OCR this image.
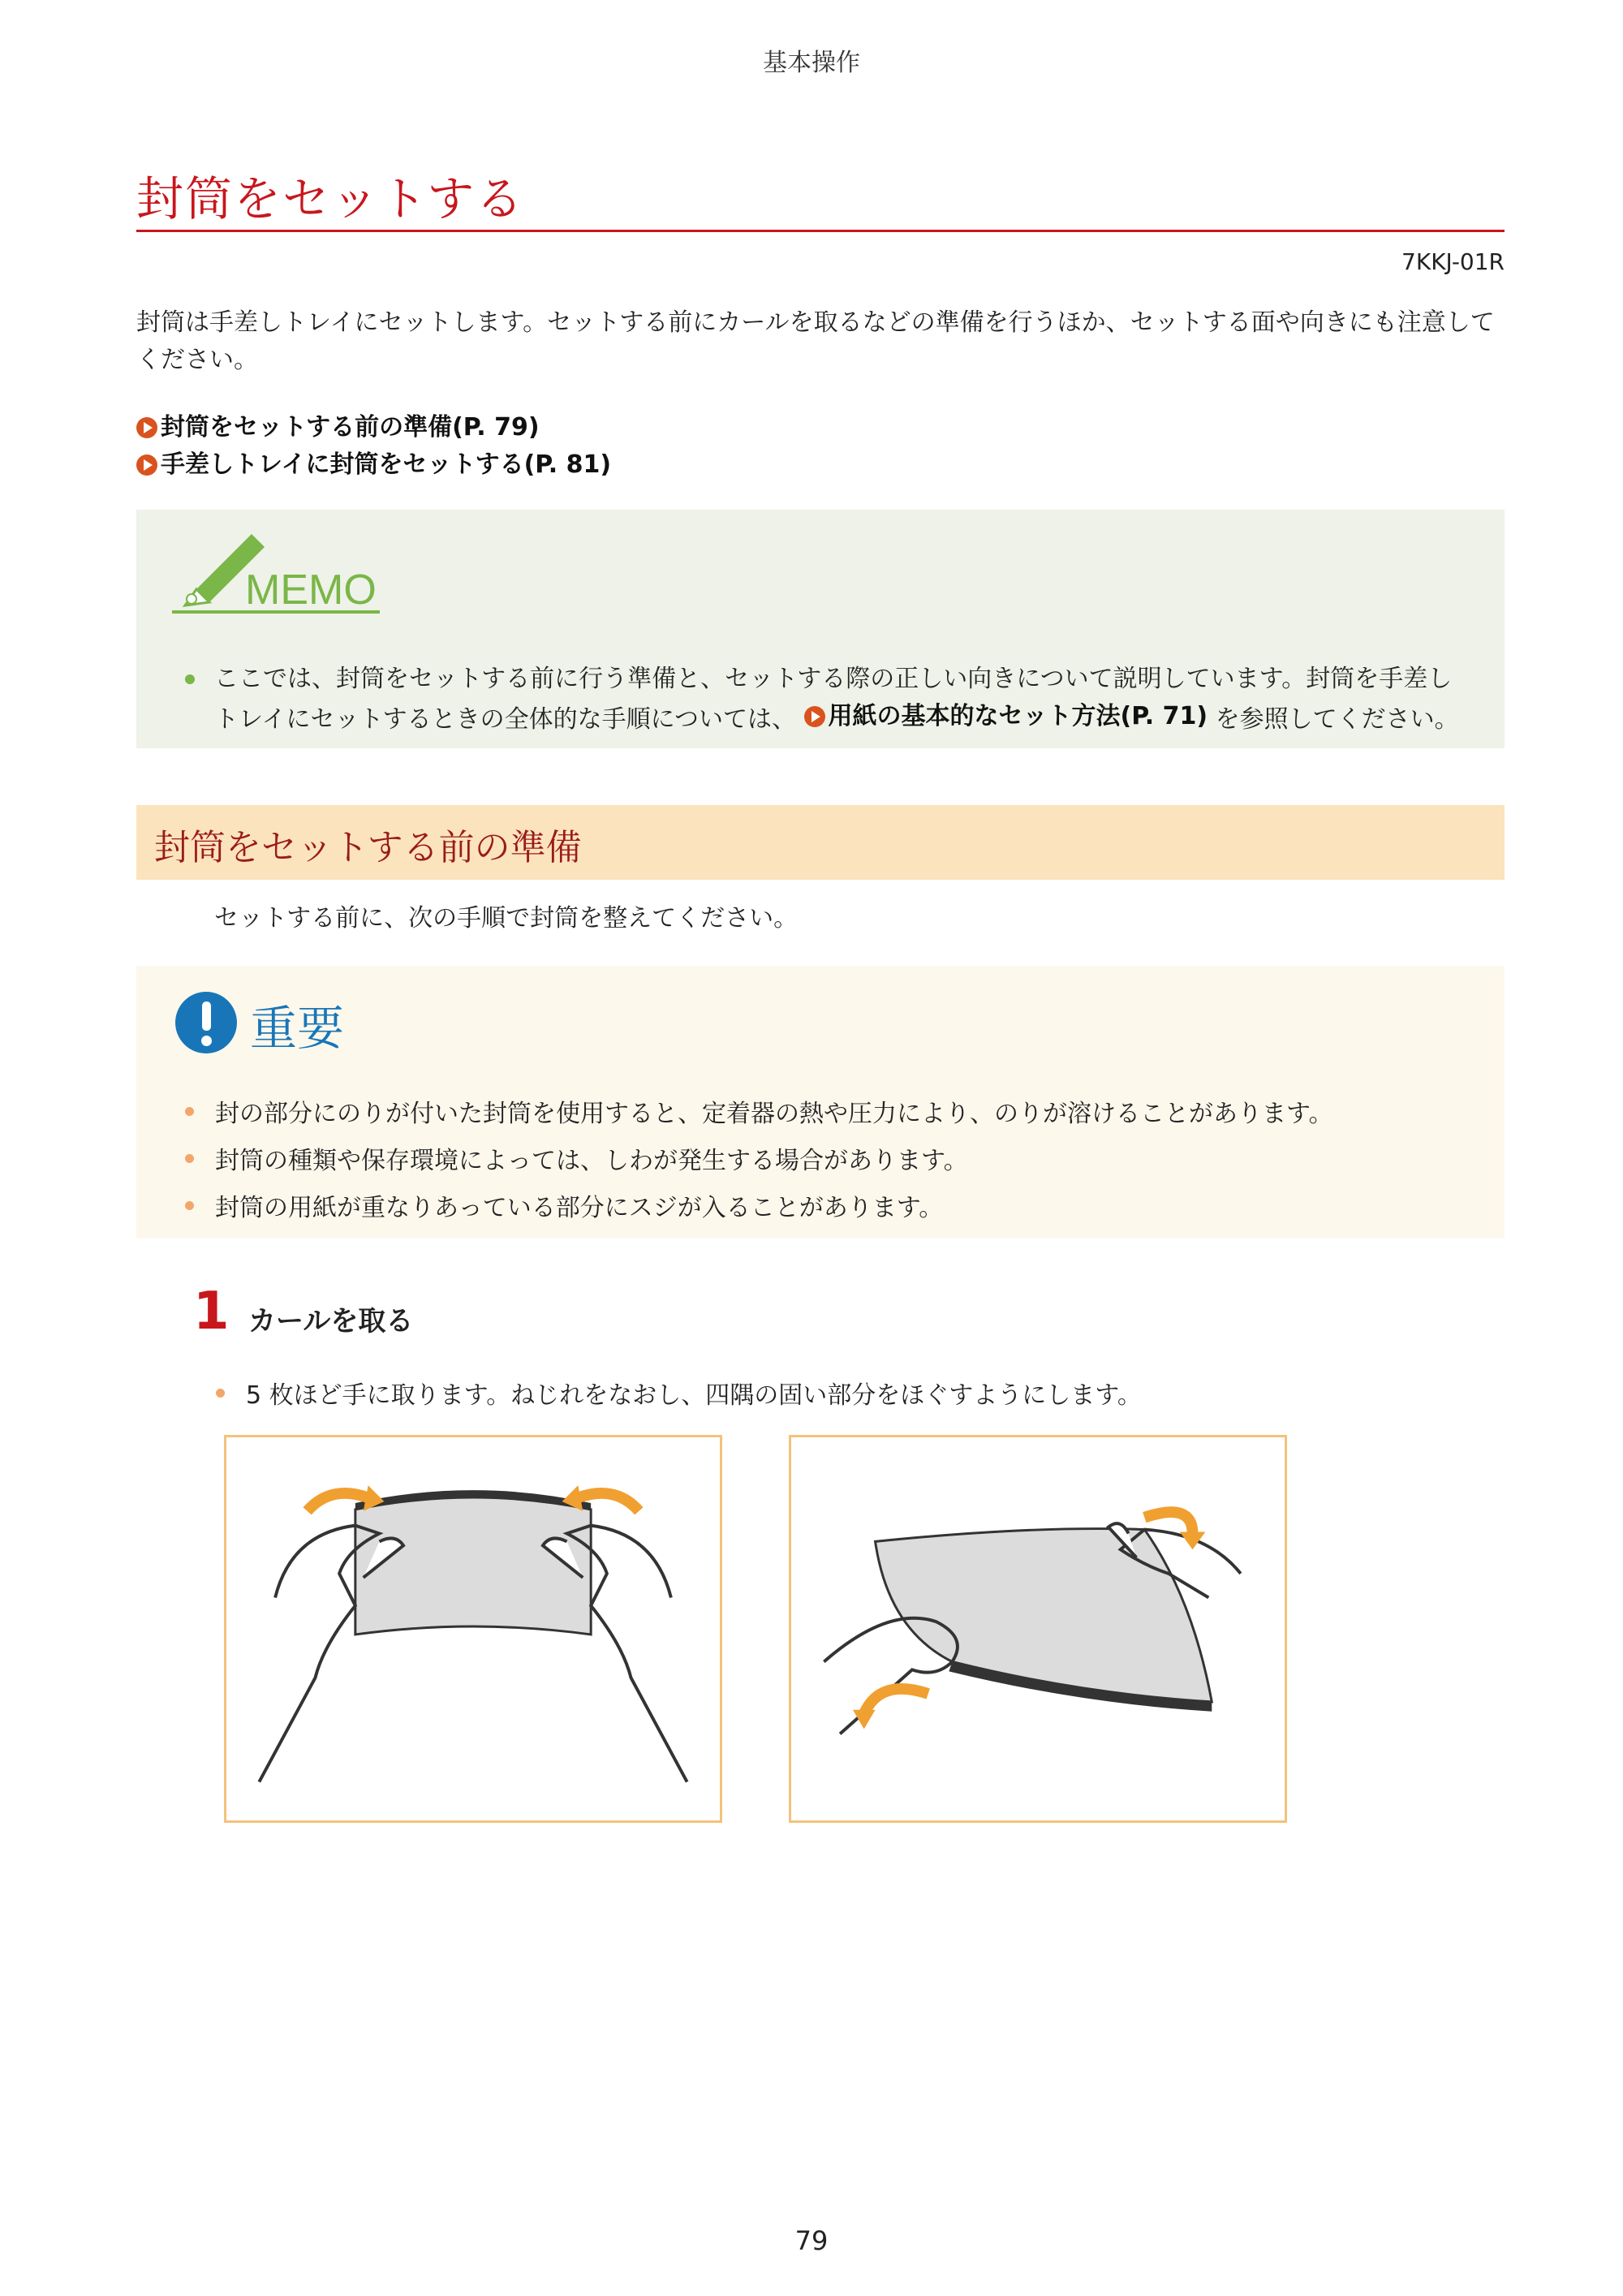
基本操作
封筒をセットする
7KKJ-01R
封筒は手差しトレイにセットします。セットする前にカールを取るなどの準備を行うほか、セットする面や向きにも注意して
ください。
封筒をセットする前の準備(P. 79)
手差しトレイに封筒をセットする(P. 81)
MEMO
ここでは、封筒をセットする前に行う準備と、セットする際の正しい向きについて説明しています。封筒を手差しトレイにセットするときの全体的な手順については、 用紙の基本的なセット方法(P. 71) を参照してください。
封筒をセットする前の準備
セットする前に、次の手順で封筒を整えてください。
重要
封の部分にのりが付いた封筒を使用すると、定着器の熱や圧力により、のりが溶けることがあります。
封筒の種類や保存環境によっては、しわが発生する場合があります。
封筒の用紙が重なりあっている部分にスジが入ることがあります。
1 カールを取る
5 枚ほど手に取ります。ねじれをなおし、四隅の固い部分をほぐすようにします。
79
